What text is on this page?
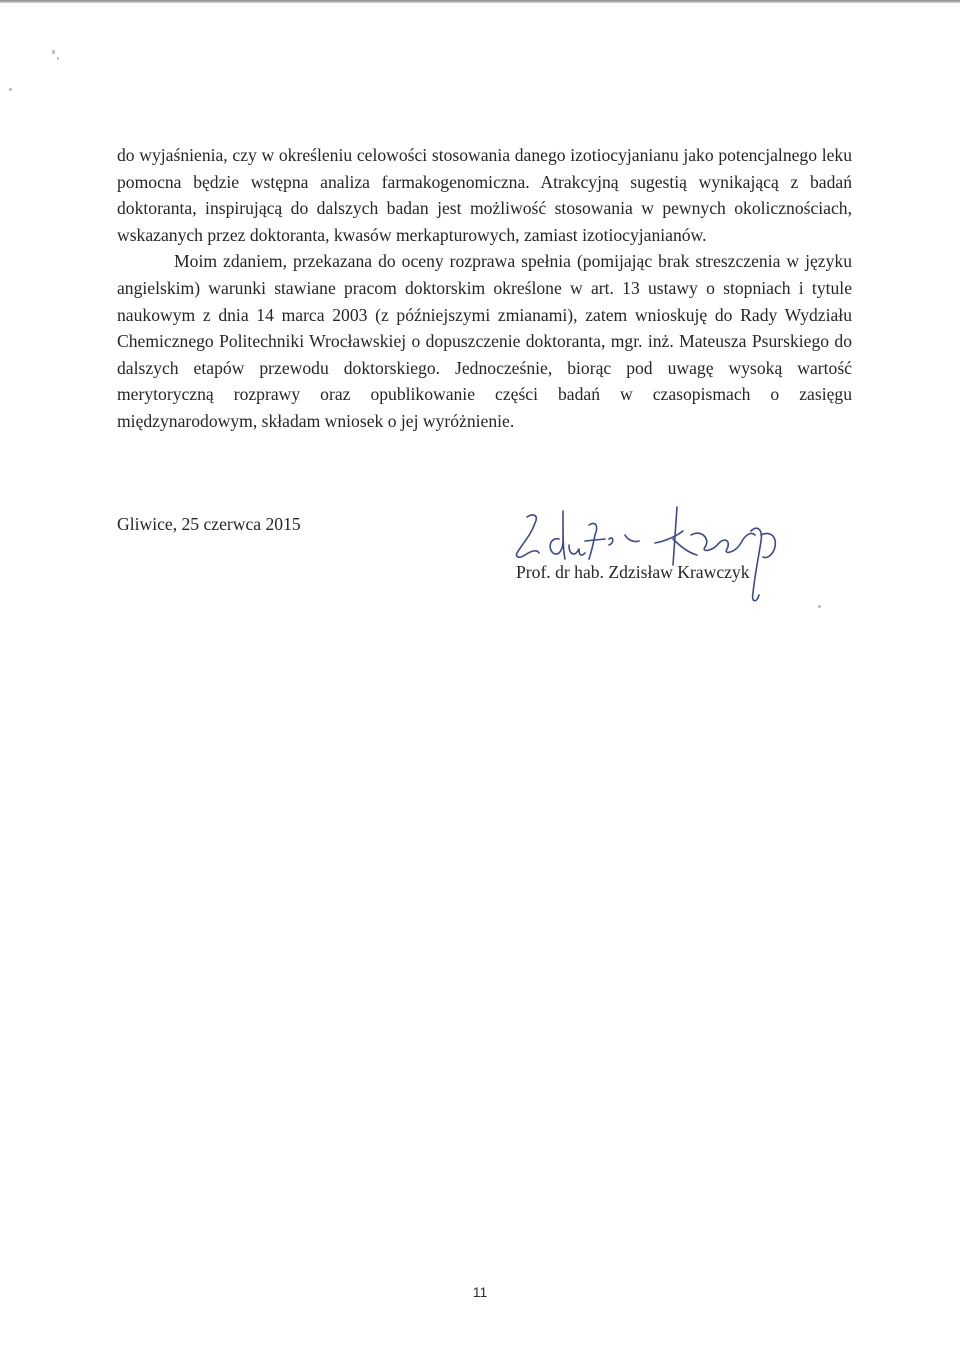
do wyjaśnienia, czy w określeniu celowości stosowania danego izotiocyjanianu jako potencjalnego leku pomocna będzie wstępna analiza farmakogenomiczna. Atrakcyjną sugestią wynikającą z badań doktoranta, inspirującą do dalszych badan jest możliwość stosowania w pewnych okolicznościach, wskazanych przez doktoranta, kwasów merkapturowych, zamiast izotiocyjanianów.

Moim zdaniem, przekazana do oceny rozprawa spełnia (pomijając brak streszczenia w języku angielskim) warunki stawiane pracom doktorskim określone w art. 13 ustawy o stopniach i tytule naukowym z dnia 14 marca 2003 (z późniejszymi zmianami), zatem wnioskuję do Rady Wydziału Chemicznego Politechniki Wrocławskiej o dopuszczenie doktoranta, mgr. inż. Mateusza Psurskiego do dalszych etapów przewodu doktorskiego. Jednocześnie, biorąc pod uwagę wysoką wartość merytoryczną rozprawy oraz opublikowanie części badań w czasopismach o zasięgu międzynarodowym, składam wniosek o jej wyróżnienie.

Gliwice, 25 czerwca 2015
Prof. dr hab. Zdzisław Krawczyk
11
